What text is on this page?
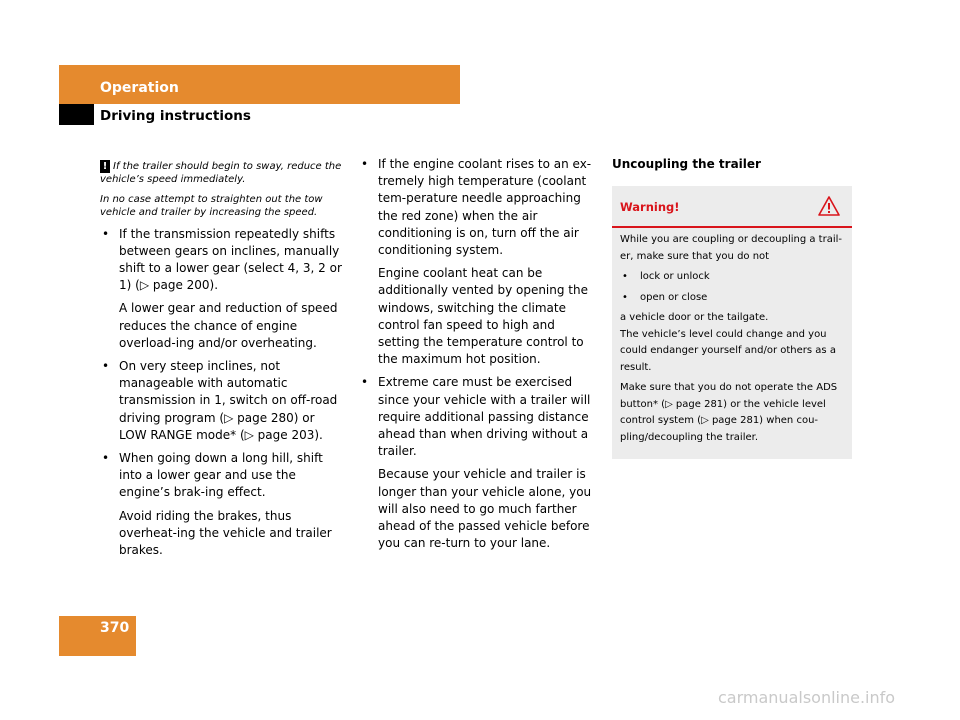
Operation
Driving instructions

! If the trailer should begin to sway, reduce the vehicle’s speed immediately.

In no case attempt to straighten out the tow vehicle and trailer by increasing the speed.

• If the transmission repeatedly shifts between gears on inclines, manually shift to a lower gear (select 4, 3, 2 or 1) (▷ page 200).

A lower gear and reduction of speed reduces the chance of engine overload-ing and/or overheating.

• On very steep inclines, not manageable with automatic transmission in 1, switch on off-road driving program (▷ page 280) or LOW RANGE mode* (▷ page 203).
• When going down a long hill, shift into a lower gear and use the engine’s brak-ing effect.

Avoid riding the brakes, thus overheat-ing the vehicle and trailer brakes.

• If the engine coolant rises to an ex-tremely high temperature (coolant tem-perature needle approaching the red zone) when the air conditioning is on, turn off the air conditioning system.

Engine coolant heat can be additionally vented by opening the windows, switching the climate control fan speed to high and setting the temperature control to the maximum hot position.

• Extreme care must be exercised since your vehicle with a trailer will require additional passing distance ahead than when driving without a trailer.

Because your vehicle and trailer is longer than your vehicle alone, you will also need to go much farther ahead of the passed vehicle before you can re-turn to your lane.

Uncoupling the trailer

Warning!

While you are coupling or decoupling a trail-er, make sure that you do not

• lock or unlock

• open or close

a vehicle door or the tailgate.

The vehicle’s level could change and you could endanger yourself and/or others as a result.

Make sure that you do not operate the ADS button* (▷ page 281) or the vehicle level control system (▷ page 281) when cou-pling/decoupling the trailer.

370
carmanualsonline.info
